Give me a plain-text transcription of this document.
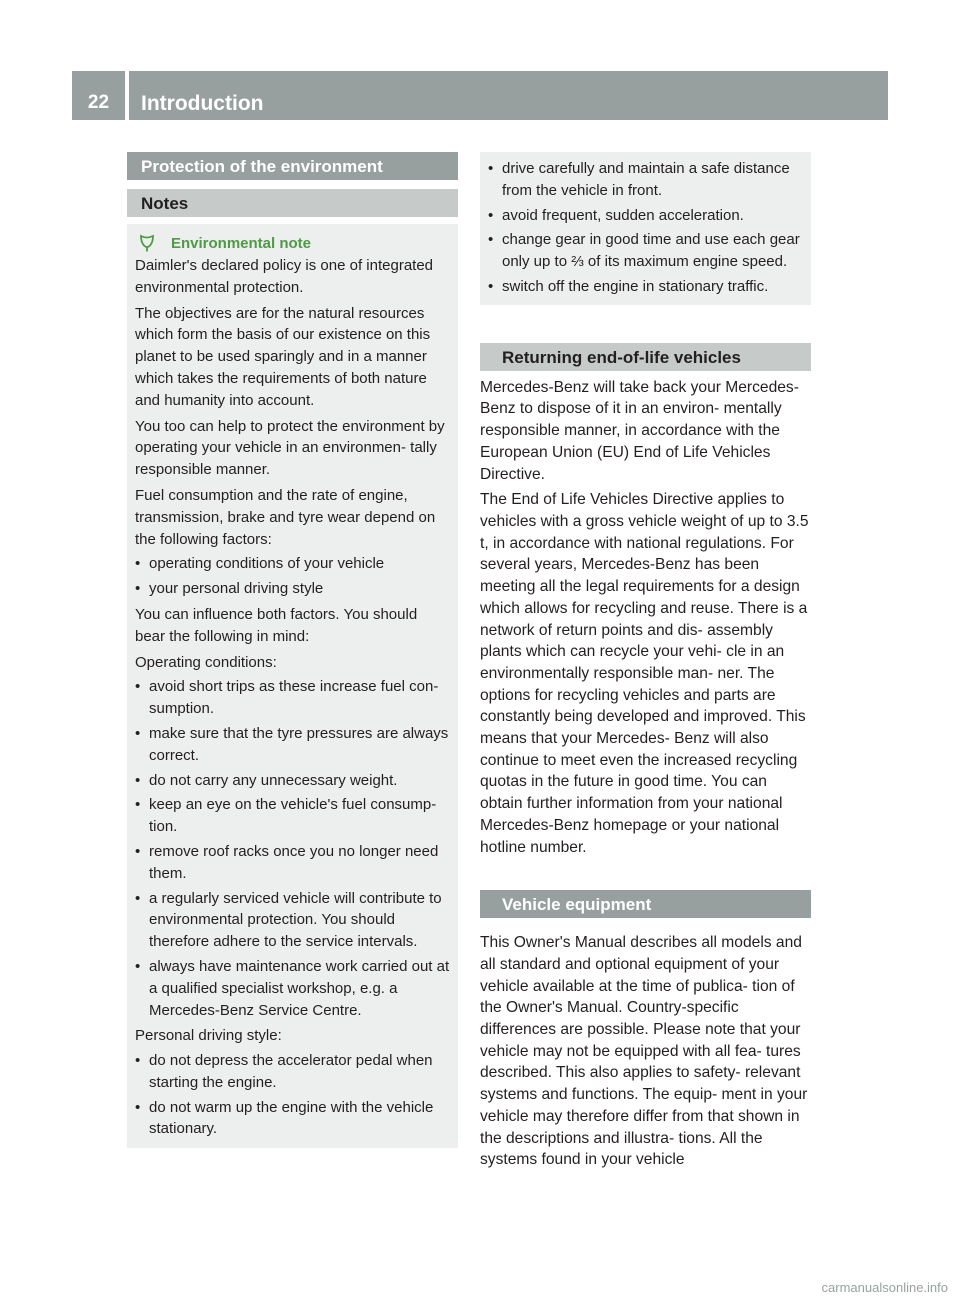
22	Introduction
Protection of the environment
Notes
Environmental note

Daimler's declared policy is one of integrated environmental protection.

The objectives are for the natural resources which form the basis of our existence on this planet to be used sparingly and in a manner which takes the requirements of both nature and humanity into account.

You too can help to protect the environment by operating your vehicle in an environmen- tally responsible manner.

Fuel consumption and the rate of engine, transmission, brake and tyre wear depend on the following factors:

• operating conditions of your vehicle
• your personal driving style

You can influence both factors. You should bear the following in mind:

Operating conditions:

• avoid short trips as these increase fuel con- sumption.
• make sure that the tyre pressures are always correct.
• do not carry any unnecessary weight.
• keep an eye on the vehicle's fuel consump- tion.
• remove roof racks once you no longer need them.
• a regularly serviced vehicle will contribute to environmental protection. You should therefore adhere to the service intervals.
• always have maintenance work carried out at a qualified specialist workshop, e.g. a Mercedes-Benz Service Centre.

Personal driving style:

• do not depress the accelerator pedal when starting the engine.
• do not warm up the engine with the vehicle stationary.
• drive carefully and maintain a safe distance from the vehicle in front.
• avoid frequent, sudden acceleration.
• change gear in good time and use each gear only up to ⅔ of its maximum engine speed.
• switch off the engine in stationary traffic.
Returning end-of-life vehicles

Mercedes-Benz will take back your Mercedes-Benz to dispose of it in an environ- mentally responsible manner, in accordance with the European Union (EU) End of Life Vehicles Directive.

The End of Life Vehicles Directive applies to vehicles with a gross vehicle weight of up to 3.5 t, in accordance with national regulations. For several years, Mercedes-Benz has been meeting all the legal requirements for a design which allows for recycling and reuse. There is a network of return points and dis- assembly plants which can recycle your vehi- cle in an environmentally responsible man- ner. The options for recycling vehicles and parts are constantly being developed and improved. This means that your Mercedes- Benz will also continue to meet even the increased recycling quotas in the future in good time. You can obtain further information from your national Mercedes-Benz homepage or your national hotline number.

Vehicle equipment

This Owner's Manual describes all models and all standard and optional equipment of your vehicle available at the time of publica- tion of the Owner's Manual. Country-specific differences are possible. Please note that your vehicle may not be equipped with all fea- tures described. This also applies to safety- relevant systems and functions. The equip- ment in your vehicle may therefore differ from that shown in the descriptions and illustra- tions. All the systems found in your vehicle

carmanualsonline.info
